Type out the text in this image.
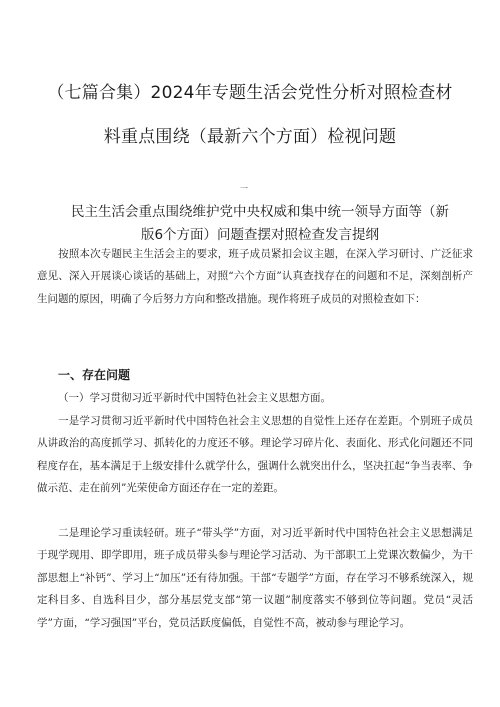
（七篇合集）2024年专题生活会党性分析对照检查材
料重点围绕（最新六个方面）检视问题
一
民主生活会重点围绕维护党中央权威和集中统一领导方面等（新
版6个方面）问题查摆对照检查发言提纲
按照本次专题民主生活会主的要求，班子成员紧扣会议主题，在深入学习研讨、广泛征求意见、深入开展谈心谈话的基础上，对照“六个方面”认真查找存在的问题和不足，深刻剖析产生问题的原因，明确了今后努力方向和整改措施。现作将班子成员的对照检查如下：
一、存在问题
（一）学习贯彻习近平新时代中国特色社会主义思想方面。
一是学习贯彻习近平新时代中国特色社会主义思想的自觉性上还存在差距。个别班子成员从讲政治的高度抓学习、抓转化的力度还不够。理论学习碎片化、表面化、形式化问题还不同程度存在，基本满足于上级安排什么就学什么，强调什么就突出什么，坚决扛起“争当表率、争做示范、走在前列”光荣使命方面还存在一定的差距。
二是理论学习重读轻研。班子“带头学”方面，对习近平新时代中国特色社会主义思想满足于现学现用、即学即用，班子成员带头参与理论学习活动、为干部职工上党课次数偏少，为干部思想上“补钙”、学习上“加压”还有待加强。干部“专题学”方面，存在学习不够系统深入，规定科目多、自选科目少，部分基层党支部“第一议题”制度落实不够到位等问题。党员“灵活学”方面，“学习强国”平台，党员活跃度偏低，自觉性不高，被动参与理论学习。
